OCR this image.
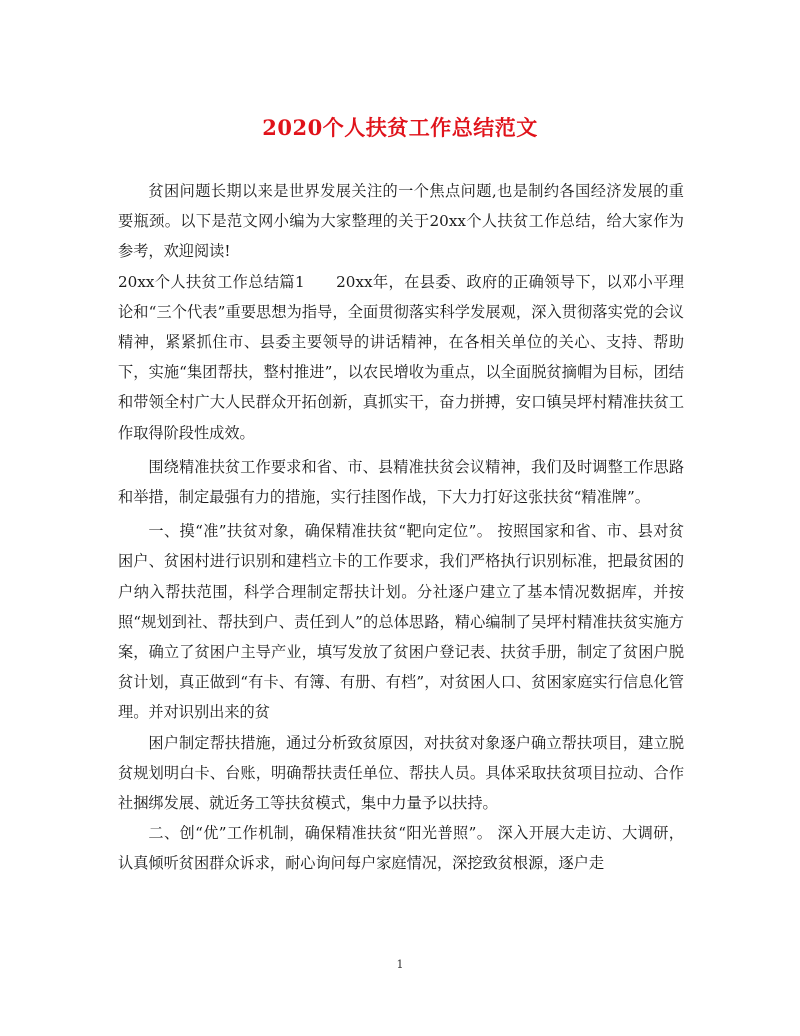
2020个人扶贫工作总结范文

贫困问题长期以来是世界发展关注的一个焦点问题,也是制约各国经济发展的重要瓶颈。以下是范文网小编为大家整理的关于20xx个人扶贫工作总结，给大家作为参考，欢迎阅读!

20xx个人扶贫工作总结篇1　　20xx年，在县委、政府的正确领导下，以邓小平理论和“三个代表”重要思想为指导，全面贯彻落实科学发展观，深入贯彻落实党的会议精神，紧紧抓住市、县委主要领导的讲话精神，在各相关单位的关心、支持、帮助下，实施“集团帮扶，整村推进”，以农民增收为重点，以全面脱贫摘帽为目标，团结和带领全村广大人民群众开拓创新，真抓实干，奋力拼搏，安口镇吴坪村精准扶贫工作取得阶段性成效。

围绕精准扶贫工作要求和省、市、县精准扶贫会议精神，我们及时调整工作思路和举措，制定最强有力的措施，实行挂图作战，下大力打好这张扶贫“精准牌”。

一、摸“准”扶贫对象，确保精准扶贫“靶向定位”。 按照国家和省、市、县对贫困户、贫困村进行识别和建档立卡的工作要求，我们严格执行识别标准，把最贫困的户纳入帮扶范围，科学合理制定帮扶计划。分社逐户建立了基本情况数据库，并按照“规划到社、帮扶到户、责任到人”的总体思路，精心编制了吴坪村精准扶贫实施方案，确立了贫困户主导产业，填写发放了贫困户登记表、扶贫手册，制定了贫困户脱贫计划，真正做到“有卡、有簿、有册、有档”，对贫困人口、贫困家庭实行信息化管理。并对识别出来的贫

困户制定帮扶措施，通过分析致贫原因，对扶贫对象逐户确立帮扶项目，建立脱贫规划明白卡、台账，明确帮扶责任单位、帮扶人员。具体采取扶贫项目拉动、合作社捆绑发展、就近务工等扶贫模式，集中力量予以扶持。

二、创“优”工作机制，确保精准扶贫“阳光普照”。 深入开展大走访、大调研，认真倾听贫困群众诉求，耐心询问每户家庭情况，深挖致贫根源，逐户走

1
